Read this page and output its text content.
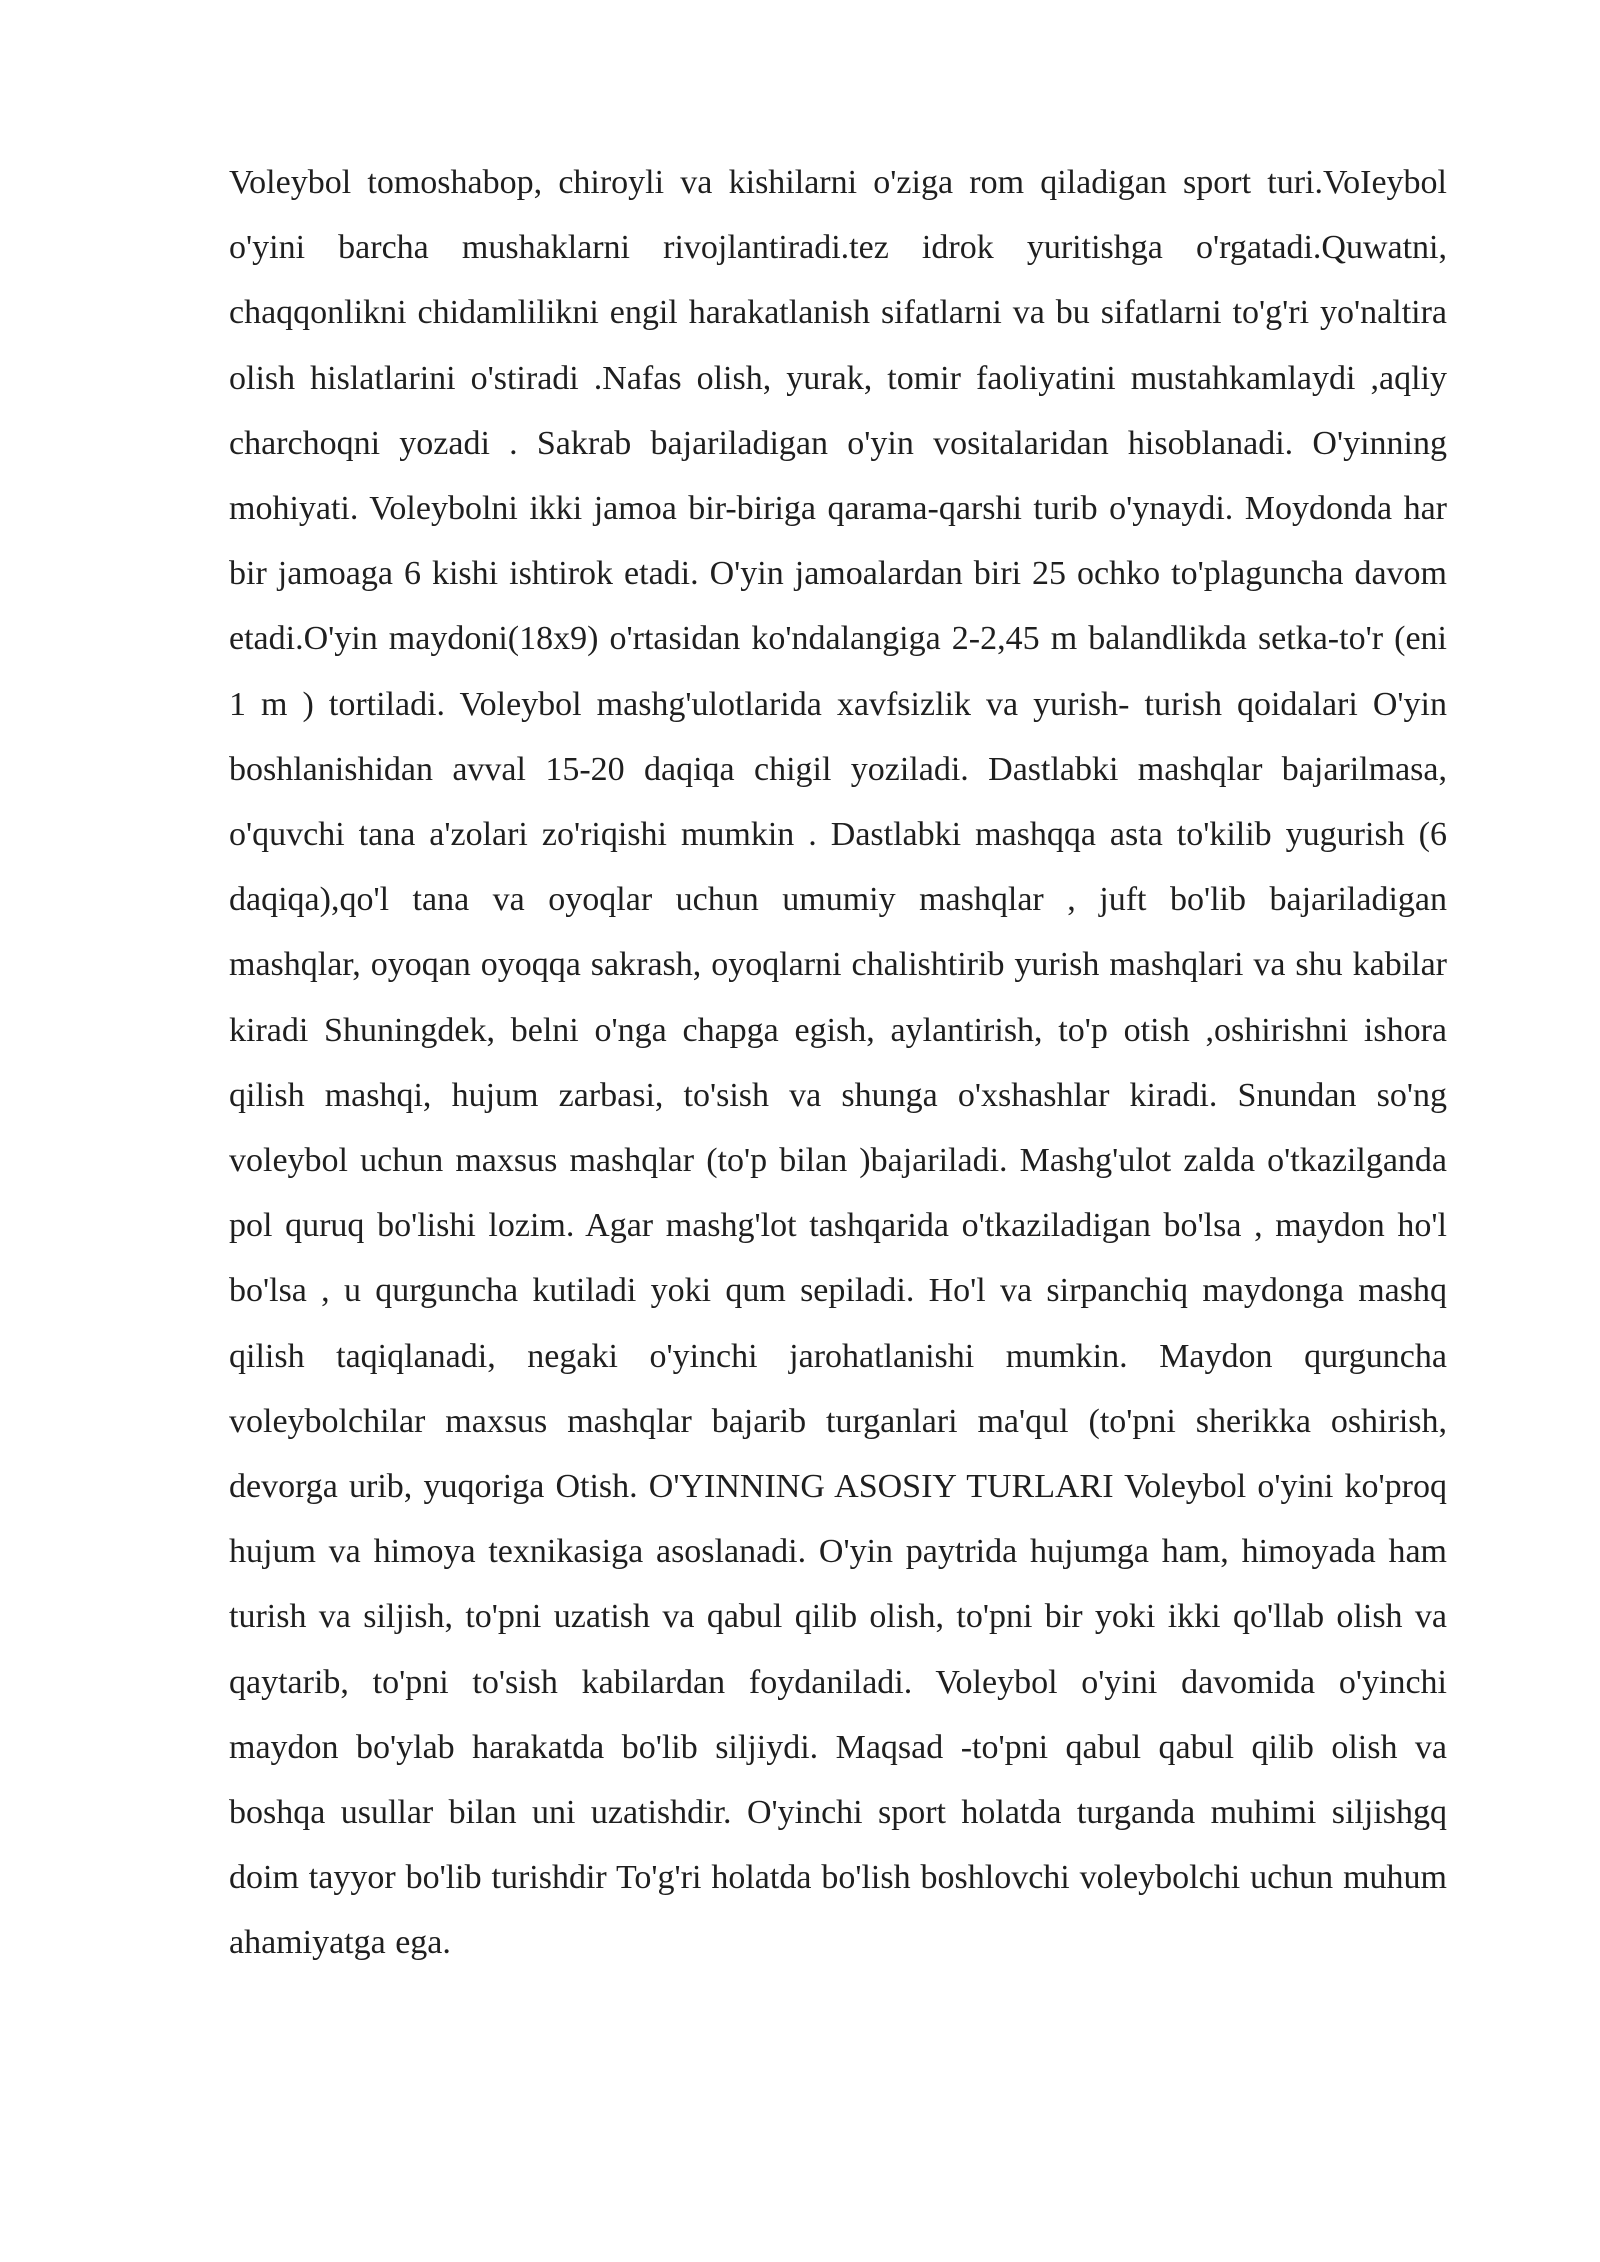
Voleybol tomoshabop, chiroyli va kishilarni o'ziga rom qiladigan sport turi.VoIeybol o'yini barcha mushaklarni rivojlantiradi.tez idrok yuritishga o'rgatadi.Quwatni, chaqqonlikni chidamlilikni engil harakatlanish sifatlarni va bu sifatlarni to'g'ri yo'naltira olish hislatlarini o'stiradi .Nafas olish, yurak, tomir faoliyatini mustahkamlaydi ,aqliy charchoqni yozadi . Sakrab bajariladigan o'yin vositalaridan hisoblanadi. O'yinning mohiyati. Voleybolni ikki jamoa bir-biriga qarama-qarshi turib o'ynaydi. Moydonda har bir jamoaga 6 kishi ishtirok etadi. O'yin jamoalardan biri 25 ochko to'plaguncha davom etadi.O'yin maydoni(18x9) o'rtasidan ko'ndalangiga 2-2,45 m balandlikda setka-to'r (eni 1 m ) tortiladi. Voleybol mashg'ulotlarida xavfsizlik va yurish- turish qoidalari O'yin boshlanishidan avval 15-20 daqiqa chigil yoziladi. Dastlabki mashqlar bajarilmasa, o'quvchi tana a'zolari zo'riqishi mumkin . Dastlabki mashqqa asta to'kilib yugurish (6 daqiqa),qo'l tana va oyoqlar uchun umumiy mashqlar , juft bo'lib bajariladigan mashqlar, oyoqan oyoqqa sakrash, oyoqlarni chalishtirib yurish mashqlari va shu kabilar kiradi Shuningdek, belni o'nga chapga egish, aylantirish, to'p otish ,oshirishni ishora qilish mashqi, hujum zarbasi, to'sish va shunga o'xshashlar kiradi. Snundan so'ng voleybol uchun maxsus mashqlar (to'p bilan )bajariladi. Mashg'ulot zalda o'tkazilganda pol quruq bo'lishi lozim. Agar mashg'lot tashqarida o'tkaziladigan bo'lsa , maydon ho'l bo'lsa , u qurguncha kutiladi yoki qum sepiladi. Ho'l va sirpanchiq maydonga mashq qilish taqiqlanadi, negaki o'yinchi jarohatlanishi mumkin. Maydon qurguncha voleybolchilar maxsus mashqlar bajarib turganlari ma'qul (to'pni sherikka oshirish, devorga urib, yuqoriga Otish. O'YINNING ASOSIY TURLARI Voleybol o'yini ko'proq hujum va himoya texnikasiga asoslanadi. O'yin paytrida hujumga ham, himoyada ham turish va siljish, to'pni uzatish va qabul qilib olish, to'pni bir yoki ikki qo'llab olish va qaytarib, to'pni to'sish kabilardan foydaniladi. Voleybol o'yini davomida o'yinchi maydon bo'ylab harakatda bo'lib siljiydi. Maqsad -to'pni qabul qabul qilib olish va boshqa usullar bilan uni uzatishdir. O'yinchi sport holatda turganda muhimi siljishgq doim tayyor bo'lib turishdir To'g'ri holatda bo'lish boshlovchi voleybolchi uchun muhum ahamiyatga ega.
